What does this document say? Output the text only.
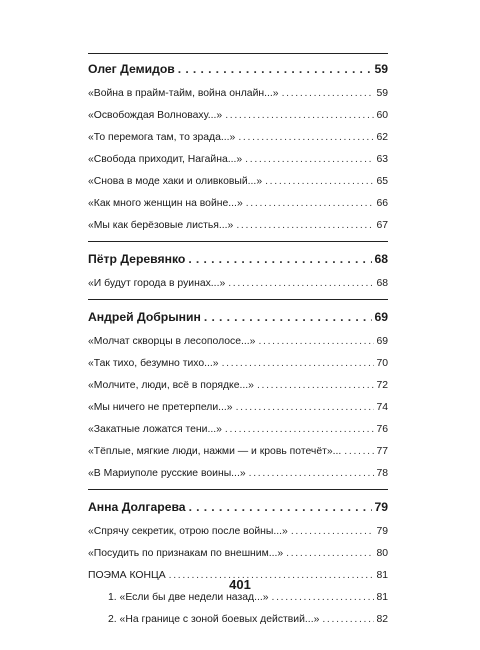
Олег Демидов . . .	59
«Война в прайм-тайм, война онлайн...» . . .	59
«Освобождая Волноваху...» . . .	60
«То перемога там, то зрада...» . . .	62
«Свобода приходит, Нагайна...» . . .	63
«Снова в моде хаки и оливковый...» . . .	65
«Как много женщин на войне...» . . .	66
«Мы как берёзовые листья...» . . .	67
Пётр Деревянко . . .	68
«И будут города в руинах...» . . .	68
Андрей Добрынин . . .	69
«Молчат скворцы в лесополосе...» . . .	69
«Так тихо, безумно тихо...» . . .	70
«Молчите, люди, всё в порядке...» . . .	72
«Мы ничего не претерпели...» . . .	74
«Закатные ложатся тени...» . . .	76
«Тёплые, мягкие люди, нажми — и кровь потечёт»... . . .	77
«В Мариуполе русские воины...» . . .	78
Анна Долгарева . . .	79
«Спрячу секретик, отрою после войны...» . . .	79
«Посудить по признакам по внешним...» . . .	80
ПОЭМА КОНЦА . . .	81
1. «Если бы две недели назад...» . . .	81
2. «На границе с зоной боевых действий...» . . .	82
401
